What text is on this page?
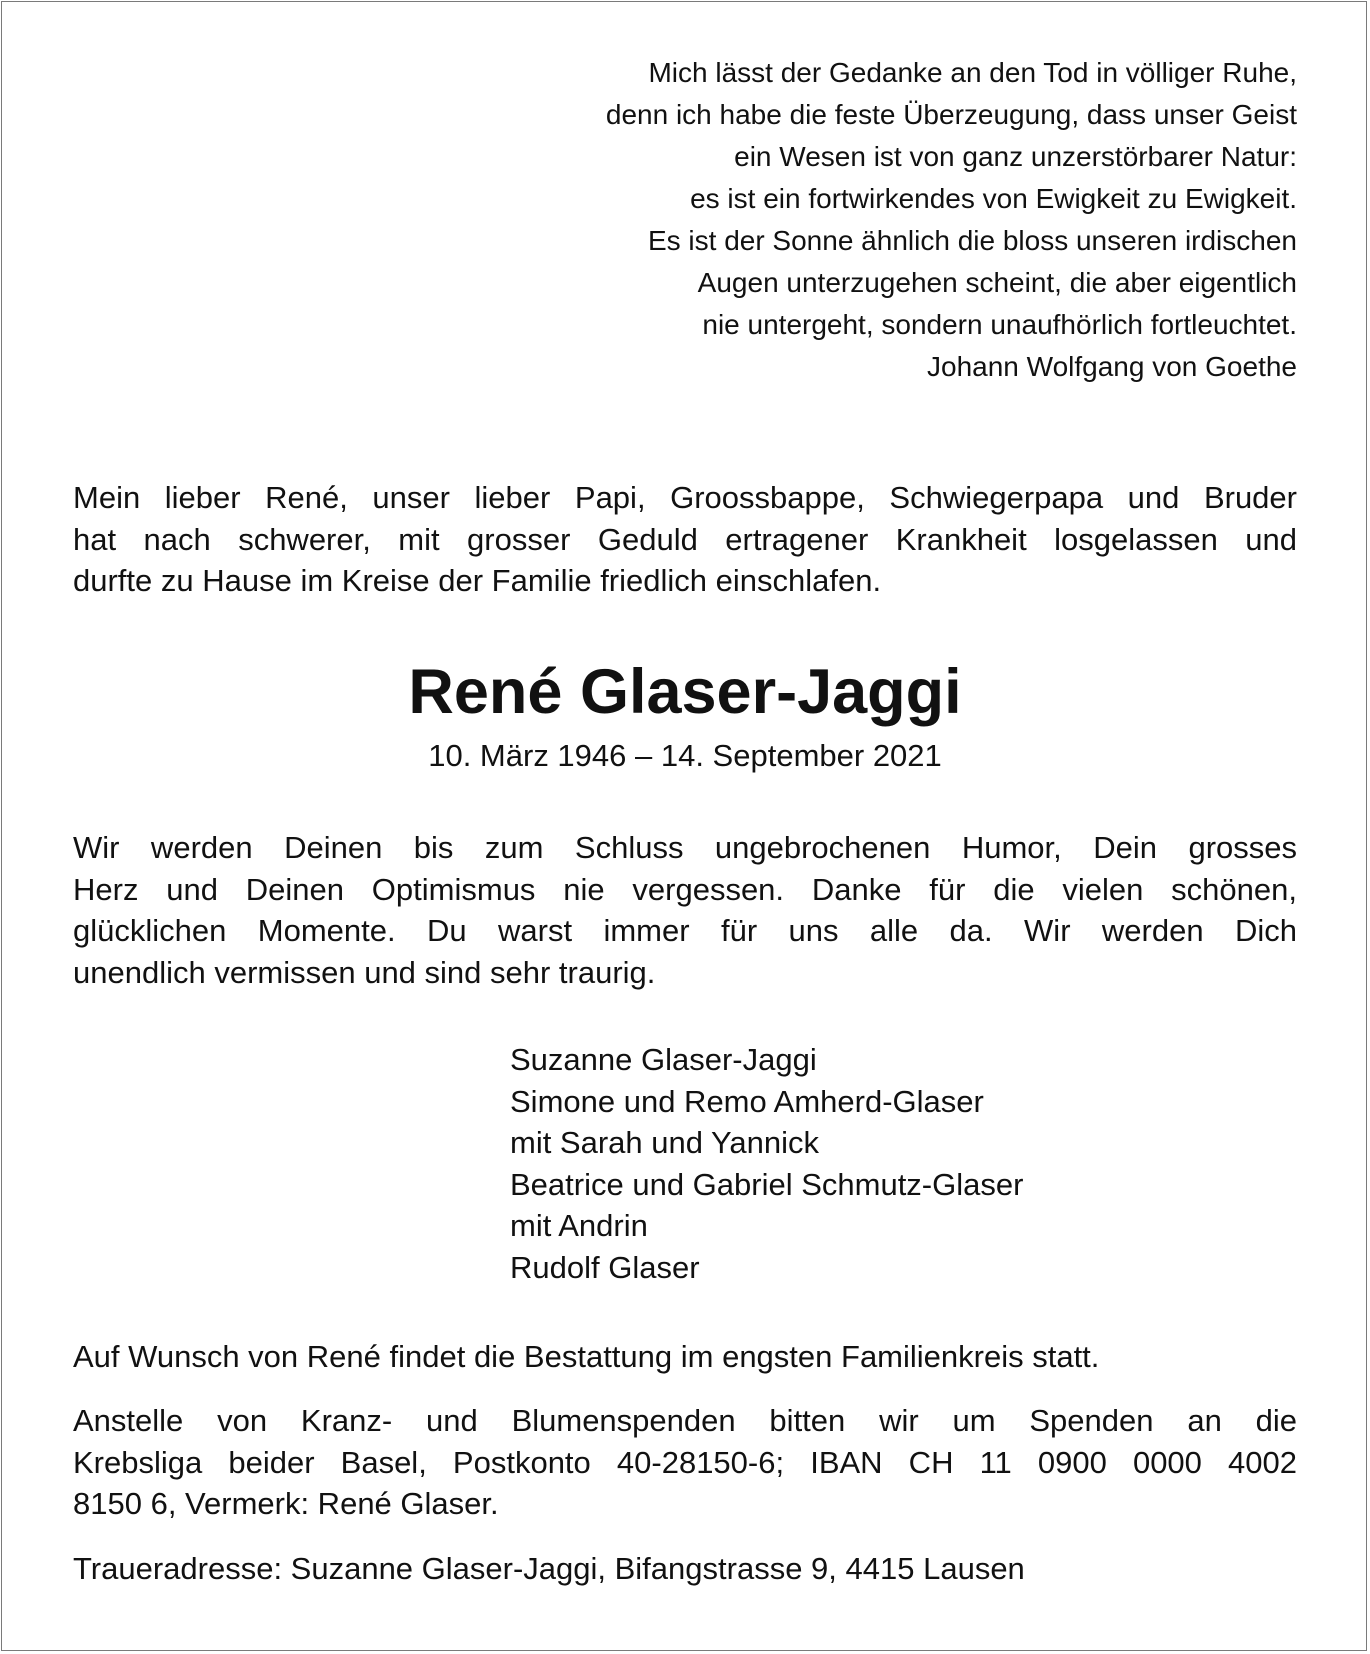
Mich lässt der Gedanke an den Tod in völliger Ruhe,
denn ich habe die feste Überzeugung, dass unser Geist
ein Wesen ist von ganz unzerstörbarer Natur:
es ist ein fortwirkendes von Ewigkeit zu Ewigkeit.
Es ist der Sonne ähnlich die bloss unseren irdischen
Augen unterzugehen scheint, die aber eigentlich
nie untergeht, sondern unaufhörlich fortleuchtet.
Johann Wolfgang von Goethe
Mein lieber René, unser lieber Papi, Groossbappe, Schwiegerpapa und Bruder
hat nach schwerer, mit grosser Geduld ertragener Krankheit losgelassen und
durfte zu Hause im Kreise der Familie friedlich einschlafen.
René Glaser-Jaggi
10. März 1946 – 14. September 2021
Wir werden Deinen bis zum Schluss ungebrochenen Humor, Dein grosses
Herz und Deinen Optimismus nie vergessen. Danke für die vielen schönen,
glücklichen Momente. Du warst immer für uns alle da. Wir werden Dich
unendlich vermissen und sind sehr traurig.
Suzanne Glaser-Jaggi
Simone und Remo Amherd-Glaser
mit Sarah und Yannick
Beatrice und Gabriel Schmutz-Glaser
mit Andrin
Rudolf Glaser
Auf Wunsch von René findet die Bestattung im engsten Familienkreis statt.
Anstelle von Kranz- und Blumenspenden bitten wir um Spenden an die
Krebsliga beider Basel, Postkonto 40-28150-6; IBAN CH 11 0900 0000 4002
8150 6, Vermerk: René Glaser.
Traueradresse: Suzanne Glaser-Jaggi, Bifangstrasse 9, 4415 Lausen
